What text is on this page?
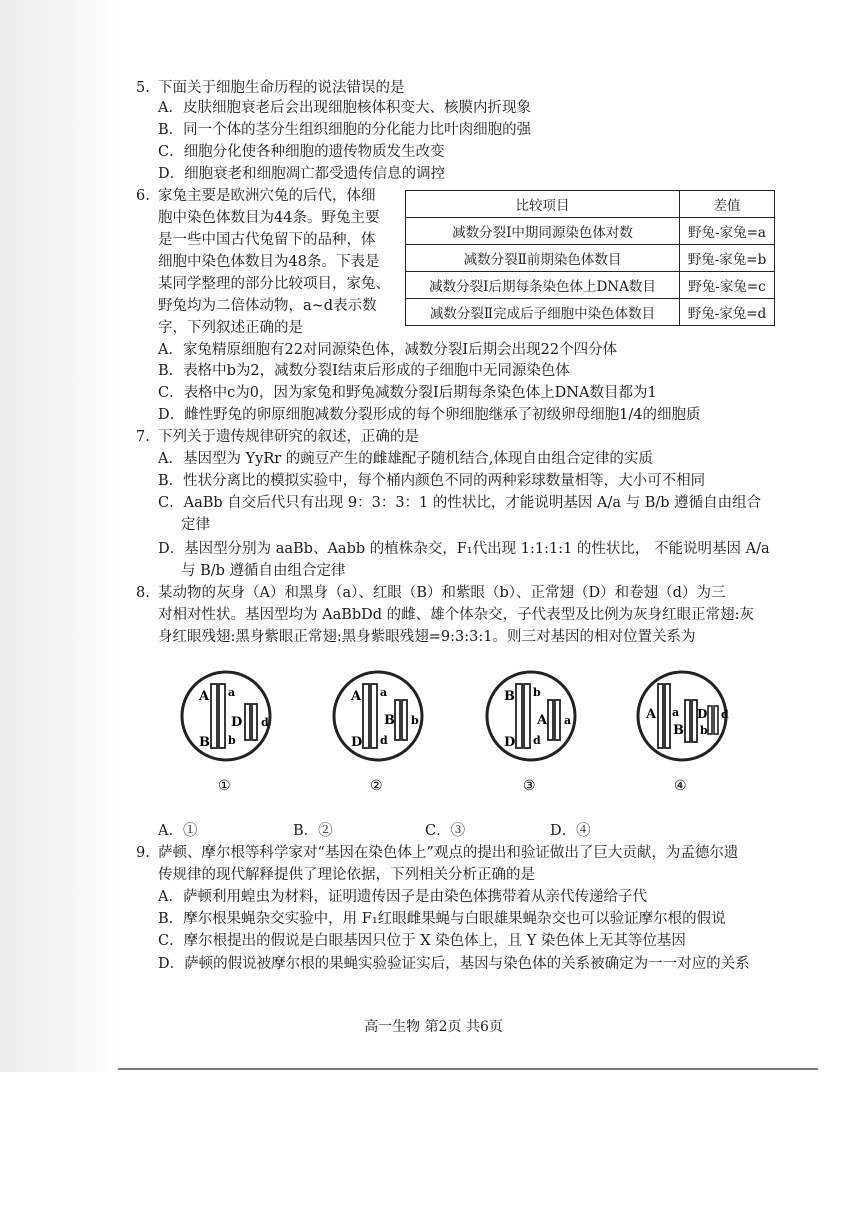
5. 下面关于细胞生命历程的说法错误的是
A．皮肤细胞衰老后会出现细胞核体积变大、核膜内折现象
B．同一个体的茎分生组织细胞的分化能力比叶肉细胞的强
C．细胞分化使各种细胞的遗传物质发生改变
D．细胞衰老和细胞凋亡都受遗传信息的调控
6. 家兔主要是欧洲穴兔的后代，体细
胞中染色体数目为44条。野兔主要
是一些中国古代兔留下的品种，体
细胞中染色体数目为48条。下表是
某同学整理的部分比较项目，家兔、
野兔均为二倍体动物，a~d表示数
字，下列叙述正确的是
比较项目	差值
减数分裂Ⅰ中期同源染色体对数	野兔-家兔=a
减数分裂Ⅱ前期染色体数目	野兔-家兔=b
减数分裂Ⅰ后期每条染色体上DNA数目	野兔-家兔=c
减数分裂Ⅱ完成后子细胞中染色体数目	野兔-家兔=d
A．家兔精原细胞有22对同源染色体，减数分裂Ⅰ后期会出现22个四分体
B．表格中b为2，减数分裂Ⅰ结束后形成的子细胞中无同源染色体
C．表格中c为0，因为家兔和野兔减数分裂Ⅰ后期每条染色体上DNA数目都为1
D．雌性野兔的卵原细胞减数分裂形成的每个卵细胞继承了初级卵母细胞1/4的细胞质
7. 下列关于遗传规律研究的叙述，正确的是
A．基因型为 YyRr 的豌豆产生的雌雄配子随机结合,体现自由组合定律的实质
B．性状分离比的模拟实验中，每个桶内颜色不同的两种彩球数量相等，大小可不相同
C．AaBb 自交后代只有出现 9：3：3：1 的性状比，才能说明基因 A/a 与 B/b 遵循自由组合
定律
D．基因型分别为 aaBb、Aabb 的植株杂交，F₁代出现 1:1:1:1 的性状比， 不能说明基因 A/a
与 B/b 遵循自由组合定律
8. 某动物的灰身（A）和黑身（a）、红眼（B）和紫眼（b）、正常翅（D）和卷翅（d）为三
对相对性状。基因型均为 AaBbDd 的雌、雄个体杂交，子代表型及比例为灰身红眼正常翅:灰
身红眼残翅:黑身紫眼正常翅:黑身紫眼残翅=9:3:3:1。则三对基因的相对位置关系为
A a
B b
D d
①
A a
D d
B b
②
B b
D d
A a
③
A a
B b
D d
④
A．①	B．②	C．③	D．④
9. 萨顿、摩尔根等科学家对“基因在染色体上”观点的提出和验证做出了巨大贡献，为孟德尔遗
传规律的现代解释提供了理论依据，下列相关分析正确的是
A．萨顿利用蝗虫为材料，证明遗传因子是由染色体携带着从亲代传递给子代
B．摩尔根果蝇杂交实验中，用 F₁红眼雌果蝇与白眼雄果蝇杂交也可以验证摩尔根的假说
C．摩尔根提出的假说是白眼基因只位于 X 染色体上，且 Y 染色体上无其等位基因
D．萨顿的假说被摩尔根的果蝇实验验证实后，基因与染色体的关系被确定为一一对应的关系
高一生物 第2页 共6页
